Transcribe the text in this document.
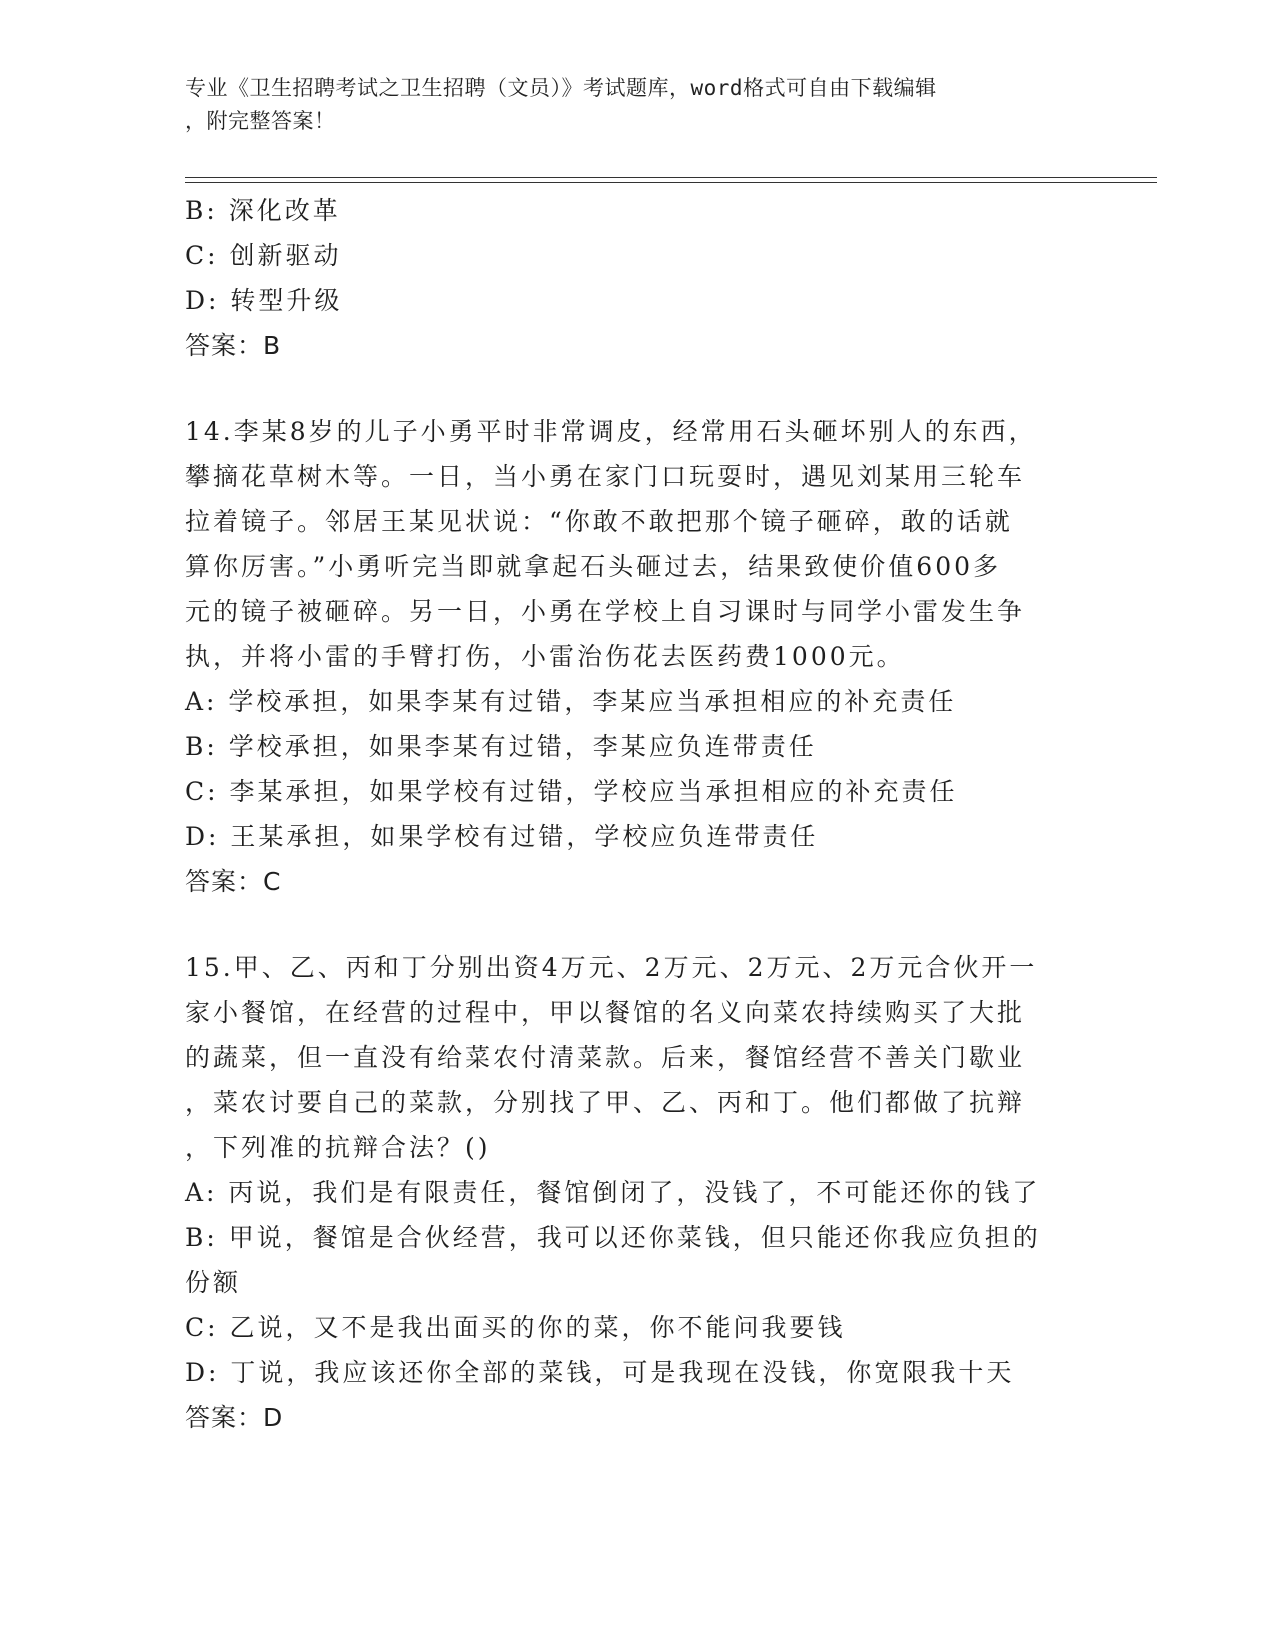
专业《卫生招聘考试之卫生招聘（文员）》考试题库，word格式可自由下载编辑

，附完整答案！

B: 深化改革
C: 创新驱动
D: 转型升级
答案：B
14.李某8岁的儿子小勇平时非常调皮，经常用石头砸坏别人的东西，
攀摘花草树木等。一日，当小勇在家门口玩耍时，遇见刘某用三轮车
拉着镜子。邻居王某见状说：“你敢不敢把那个镜子砸碎，敢的话就
算你厉害。”小勇听完当即就拿起石头砸过去，结果致使价值600多
元的镜子被砸碎。另一日，小勇在学校上自习课时与同学小雷发生争
执，并将小雷的手臂打伤，小雷治伤花去医药费1000元。
A: 学校承担，如果李某有过错，李某应当承担相应的补充责任
B: 学校承担，如果李某有过错，李某应负连带责任
C: 李某承担，如果学校有过错，学校应当承担相应的补充责任
D: 王某承担，如果学校有过错，学校应负连带责任
答案：C
15.甲、乙、丙和丁分别出资4万元、2万元、2万元、2万元合伙开一
家小餐馆，在经营的过程中，甲以餐馆的名义向菜农持续购买了大批
的蔬菜，但一直没有给菜农付清菜款。后来，餐馆经营不善关门歇业
，菜农讨要自己的菜款，分别找了甲、乙、丙和丁。他们都做了抗辩
，下列准的抗辩合法？()
A: 丙说，我们是有限责任，餐馆倒闭了，没钱了，不可能还你的钱了
B: 甲说，餐馆是合伙经营，我可以还你菜钱，但只能还你我应负担的
份额
C: 乙说，又不是我出面买的你的菜，你不能问我要钱
D: 丁说，我应该还你全部的菜钱，可是我现在没钱，你宽限我十天
答案：D
